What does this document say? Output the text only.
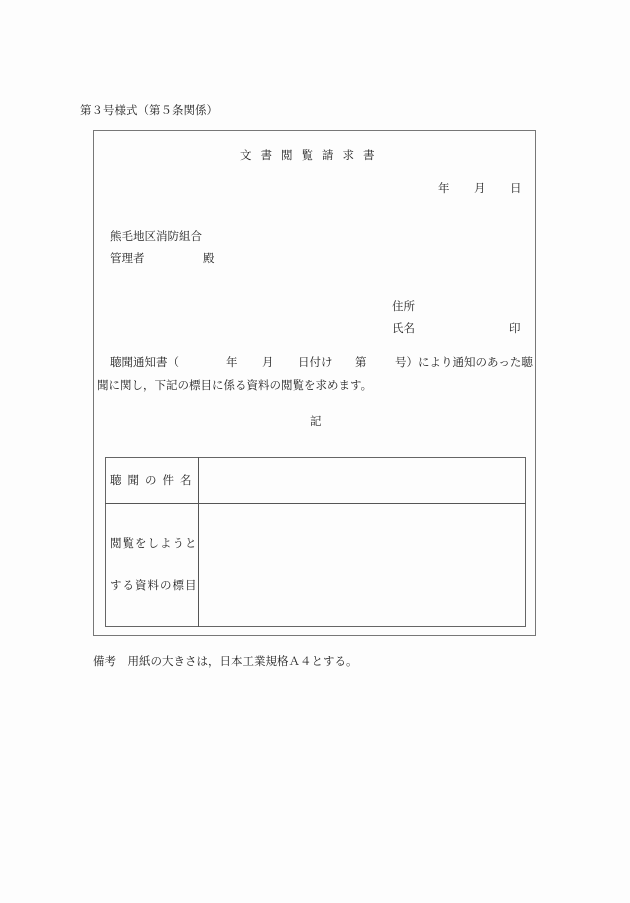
第３号様式（第５条関係）
文書閲覧請求書
年 月 日
熊毛地区消防組合
管理者	殿
住所
氏名	印
聴聞通知書（	年 月 日付け 第 号）により通知のあった聴
聞に関し，下記の標目に係る資料の閲覧を求めます。
記
聴聞の件名
閲覧をしようと
する資料の標目
備考　用紙の大きさは，日本工業規格Ａ４とする。
